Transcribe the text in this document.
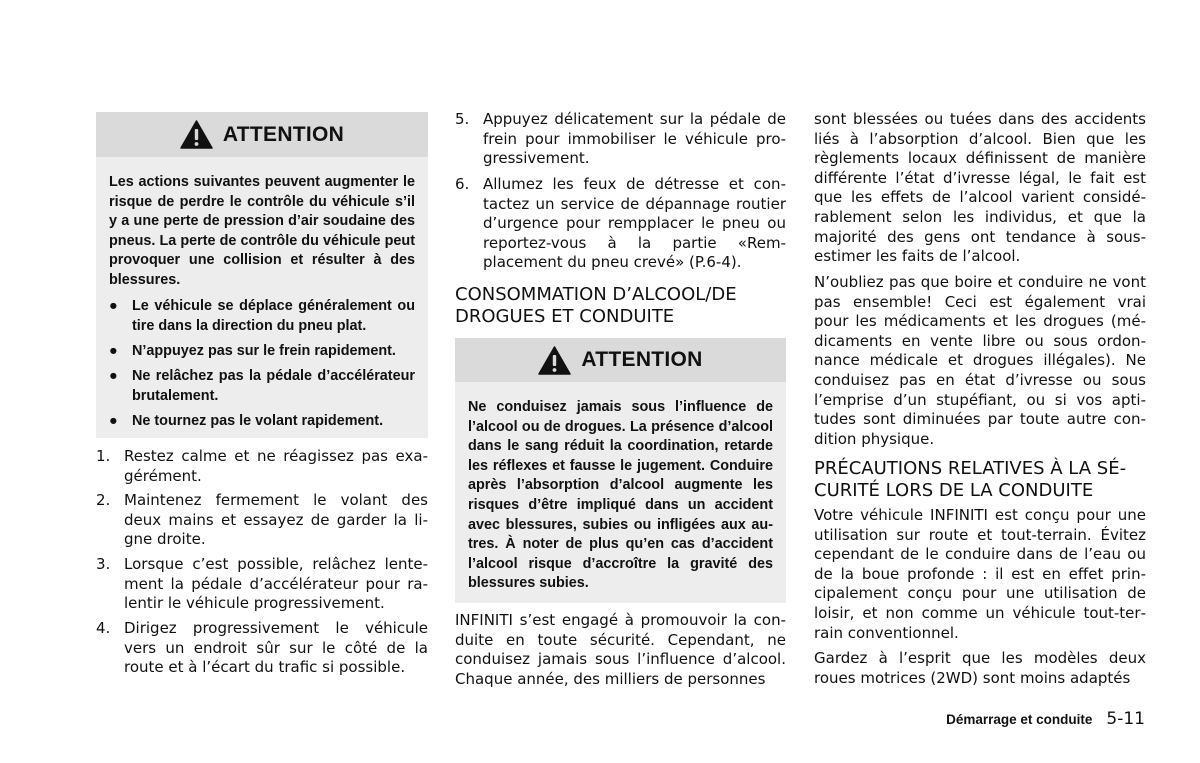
ATTENTION
Les actions suivantes peuvent augmenter le risque de perdre le contrôle du véhicule s’il y a une perte de pression d’air soudaine des pneus. La perte de contrôle du véhicule peut provoquer une collision et résulter à des blessures.
● Le véhicule se déplace généralement ou tire dans la direction du pneu plat.
● N’appuyez pas sur le frein rapidement.
● Ne relâchez pas la pédale d’accélérateur brutalement.
● Ne tournez pas le volant rapidement.
1. Restez calme et ne réagissez pas exagérément.
2. Maintenez fermement le volant des deux mains et essayez de garder la ligne droite.
3. Lorsque c’est possible, relâchez lentement la pédale d’accélérateur pour ralentir le véhicule progressivement.
4. Dirigez progressivement le véhicule vers un endroit sûr sur le côté de la route et à l’écart du trafic si possible.
5. Appuyez délicatement sur la pédale de frein pour immobiliser le véhicule progressivement.
6. Allumez les feux de détresse et contactez un service de dépannage routier d’urgence pour rempplacer le pneu ou reportez-vous à la partie «Remplacement du pneu crevé» (P.6-4).
CONSOMMATION D’ALCOOL/DE DROGUES ET CONDUITE
ATTENTION
Ne conduisez jamais sous l’influence de l’alcool ou de drogues. La présence d’alcool dans le sang réduit la coordination, retarde les réflexes et fausse le jugement. Conduire après l’absorption d’alcool augmente les risques d’être impliqué dans un accident avec blessures, subies ou infligées aux autres. À noter de plus qu’en cas d’accident l’alcool risque d’accroître la gravité des blessures subies.
INFINITI s’est engagé à promouvoir la conduite en toute sécurité. Cependant, ne conduisez jamais sous l’influence d’alcool. Chaque année, des milliers de personnes
sont blessées ou tuées dans des accidents liés à l’absorption d’alcool. Bien que les règlements locaux définissent de manière différente l’état d’ivresse légal, le fait est que les effets de l’alcool varient considérablement selon les individus, et que la majorité des gens ont tendance à sousestimer les faits de l’alcool.
N’oubliez pas que boire et conduire ne vont pas ensemble! Ceci est également vrai pour les médicaments et les drogues (médicaments en vente libre ou sous ordonnance médicale et drogues illégales). Ne conduisez pas en état d’ivresse ou sous l’emprise d’un stupéfiant, ou si vos aptitudes sont diminuées par toute autre condition physique.
PRÉCAUTIONS RELATIVES À LA SÉCURITÉ LORS DE LA CONDUITE
Votre véhicule INFINITI est conçu pour une utilisation sur route et tout-terrain. Évitez cependant de le conduire dans de l’eau ou de la boue profonde : il est en effet principalement conçu pour une utilisation de loisir, et non comme un véhicule tout-terrain conventionnel.
Gardez à l’esprit que les modèles deux roues motrices (2WD) sont moins adaptés
Démarrage et conduite 5-11
